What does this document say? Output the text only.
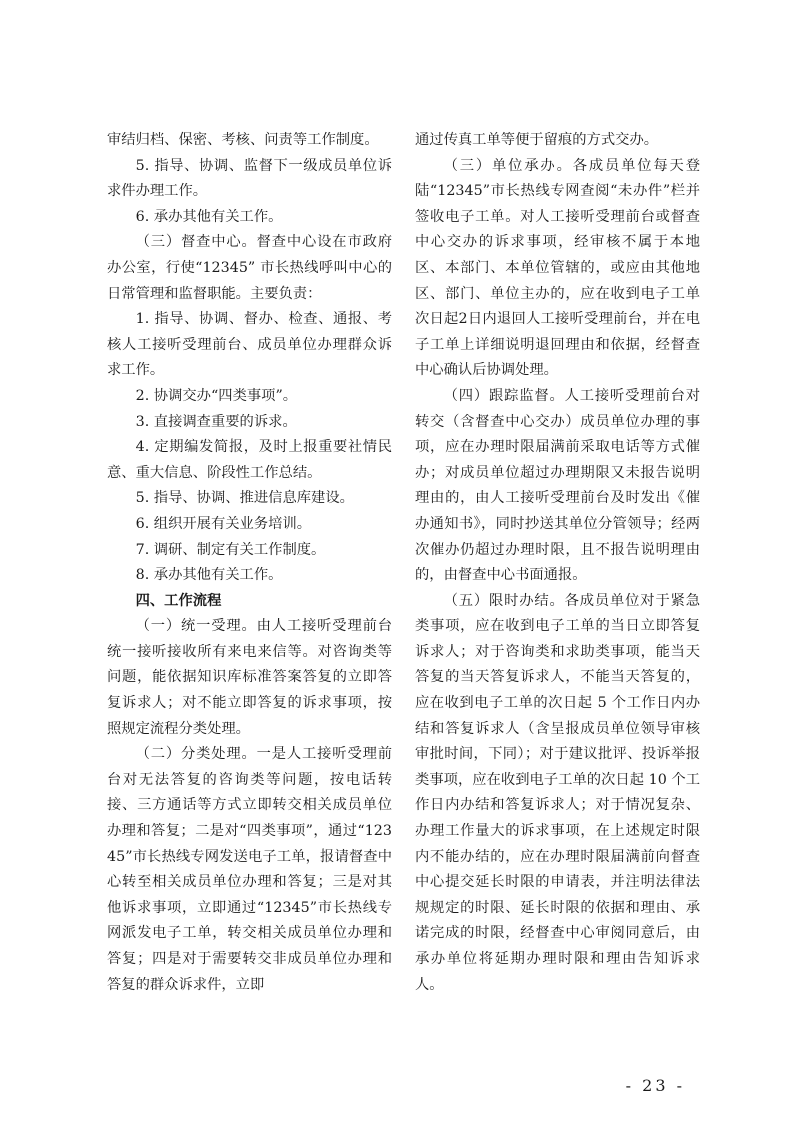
审结归档、保密、考核、问责等工作制度。

5. 指导、协调、监督下一级成员单位诉求件办理工作。

6. 承办其他有关工作。

（三）督查中心。督查中心设在市政府办公室，行使“12345” 市长热线呼叫中心的日常管理和监督职能。主要负责：

1. 指导、协调、督办、检查、通报、考核人工接听受理前台、成员单位办理群众诉求工作。

2. 协调交办“四类事项”。

3. 直接调查重要的诉求。

4. 定期编发简报，及时上报重要社情民意、重大信息、阶段性工作总结。

5. 指导、协调、推进信息库建设。

6. 组织开展有关业务培训。

7. 调研、制定有关工作制度。

8. 承办其他有关工作。

四、工作流程

（一）统一受理。由人工接听受理前台统一接听接收所有来电来信等。对咨询类等问题，能依据知识库标准答案答复的立即答复诉求人；对不能立即答复的诉求事项，按照规定流程分类处理。

（二）分类处理。一是人工接听受理前台对无法答复的咨询类等问题，按电话转接、三方通话等方式立即转交相关成员单位办理和答复；二是对“四类事项”，通过“12345”市长热线专网发送电子工单，报请督查中心转至相关成员单位办理和答复；三是对其他诉求事项，立即通过“12345”市长热线专网派发电子工单，转交相关成员单位办理和答复；四是对于需要转交非成员单位办理和答复的群众诉求件，立即

通过传真工单等便于留痕的方式交办。

（三）单位承办。各成员单位每天登陆“12345”市长热线专网查阅“未办件”栏并签收电子工单。对人工接听受理前台或督查中心交办的诉求事项，经审核不属于本地区、本部门、本单位管辖的，或应由其他地区、部门、单位主办的，应在收到电子工单次日起2日内退回人工接听受理前台，并在电子工单上详细说明退回理由和依据，经督查中心确认后协调处理。

（四）跟踪监督。人工接听受理前台对转交（含督查中心交办）成员单位办理的事项，应在办理时限届满前采取电话等方式催办；对成员单位超过办理期限又未报告说明理由的，由人工接听受理前台及时发出《催办通知书》，同时抄送其单位分管领导；经两次催办仍超过办理时限，且不报告说明理由的，由督查中心书面通报。

（五）限时办结。各成员单位对于紧急类事项，应在收到电子工单的当日立即答复诉求人；对于咨询类和求助类事项，能当天答复的当天答复诉求人，不能当天答复的，应在收到电子工单的次日起 5 个工作日内办结和答复诉求人（含呈报成员单位领导审核审批时间，下同）；对于建议批评、投诉举报类事项，应在收到电子工单的次日起 10 个工作日内办结和答复诉求人；对于情况复杂、办理工作量大的诉求事项，在上述规定时限内不能办结的，应在办理时限届满前向督查中心提交延长时限的申请表，并注明法律法规规定的时限、延长时限的依据和理由、承诺完成的时限，经督查中心审阅同意后，由承办单位将延期办理时限和理由告知诉求人。

- 23 -
